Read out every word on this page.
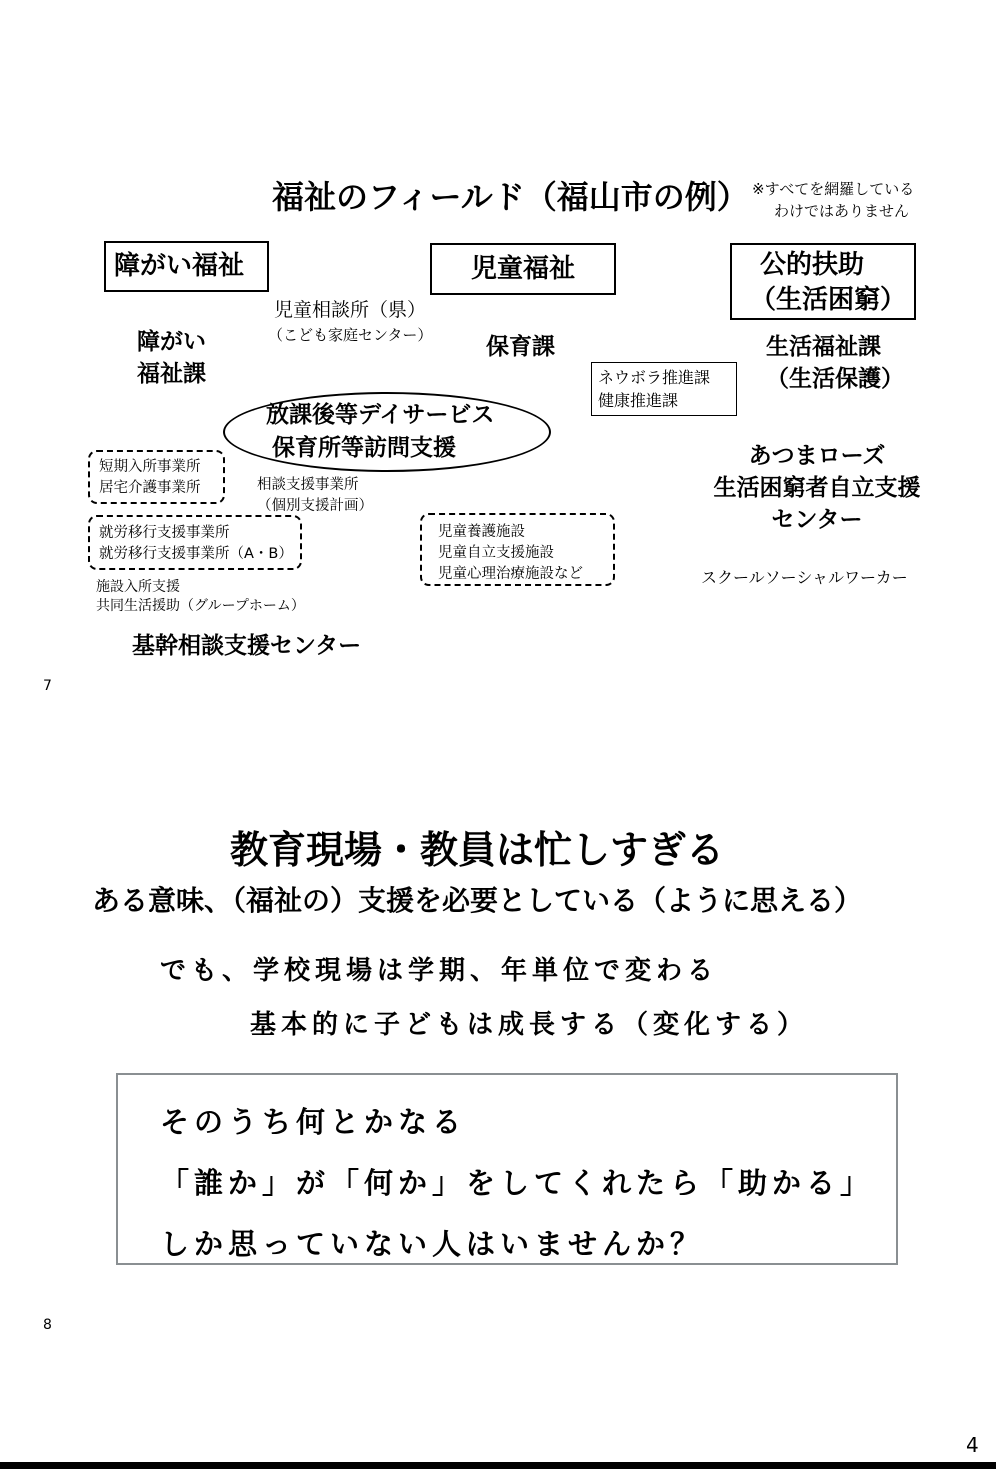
福祉のフィールド（福山市の例） ※すべてを網羅している
わけではありません
障がい福祉	児童福祉	公的扶助
（生活困窮）
児童相談所（県）
（こども家庭センター）
障がい
福祉課
保育課
ネウボラ推進課
健康推進課
生活福祉課
（生活保護）
放課後等デイサービス
保育所等訪問支援
短期入所事業所
居宅介護事業所	相談支援事業所
（個別支援計画）
就労移行支援事業所
就労移行支援事業所（A・B）
児童養護施設
児童自立支援施設
児童心理治療施設など
あつまローズ
生活困窮者自立支援
センター
スクールソーシャルワーカー
施設入所支援
共同生活援助（グループホーム）
基幹相談支援センター
7
教育現場・教員は忙しすぎる
ある意味、（福祉の）支援を必要としている（ように思える）
でも、学校現場は学期、年単位で変わる
基本的に子どもは成長する（変化する）
そのうち何とかなる
「誰か」が「何か」をしてくれたら「助かる」
しか思っていない人はいませんか？
8
4
